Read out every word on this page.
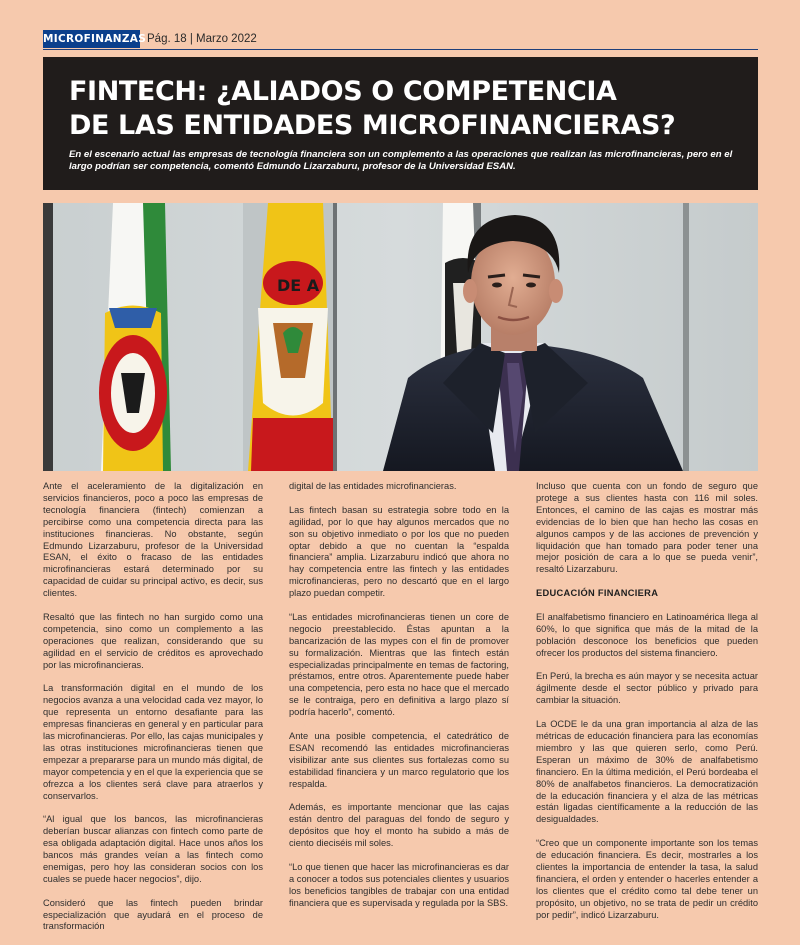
MICROFINANZAS Pág. 18 | Marzo 2022
FINTECH: ¿ALIADOS O COMPETENCIA
DE LAS ENTIDADES MICROFINANCIERAS?
En el escenario actual las empresas de tecnología financiera son un complemento a las operaciones que realizan las microfinancieras, pero en el largo podrían ser competencia, comentó Edmundo Lizarzaburu, profesor de la Universidad ESAN.
DE A

Ante el aceleramiento de la digitalización en servicios financieros, poco a poco las empresas de tecnología financiera (fintech) comienzan a percibirse como una competencia directa para las instituciones financieras. No obstante, según Edmundo Lizarzaburu, profesor de la Universidad ESAN, el éxito o fracaso de las entidades microfinancieras estará determinado por su capacidad de cuidar su principal activo, es decir, sus clientes.

Resaltó que las fintech no han surgido como una competencia, sino como un complemento a las operaciones que realizan, considerando que su agilidad en el servicio de créditos es aprovechado por las microfinancieras.

La transformación digital en el mundo de los negocios avanza a una velocidad cada vez mayor, lo que representa un entorno desafiante para las empresas financieras en general y en particular para las microfinancieras. Por ello, las cajas municipales y las otras instituciones microfinancieras tienen que empezar a prepararse para un mundo más digital, de mayor competencia y en el que la experiencia que se ofrezca a los clientes será clave para atraerlos y conservarlos.

“Al igual que los bancos, las microfinancieras deberían buscar alianzas con fintech como parte de esa obligada adaptación digital. Hace unos años los bancos más grandes veían a las fintech como enemigas, pero hoy las consideran socios con los cuales se puede hacer negocios”, dijo.

Consideró que las fintech pueden brindar especialización que ayudará en el proceso de transformación

digital de las entidades microfinancieras.

Las fintech basan su estrategia sobre todo en la agilidad, por lo que hay algunos mercados que no son su objetivo inmediato o por los que no pueden optar debido a que no cuentan la “espalda financiera” amplia. Lizarzaburu indicó que ahora no hay competencia entre las fintech y las entidades microfinancieras, pero no descartó que en el largo plazo puedan competir.

“Las entidades microfinancieras tienen un core de negocio preestablecido. Éstas apuntan a la bancarización de las mypes con el fin de promover su formalización. Mientras que las fintech están especializadas principalmente en temas de factoring, préstamos, entre otros. Aparentemente puede haber una competencia, pero esta no hace que el mercado se le contraiga, pero en definitiva a largo plazo sí podría hacerlo”, comentó.

Ante una posible competencia, el catedrático de ESAN recomendó las entidades microfinancieras visibilizar ante sus clientes sus fortalezas como su estabilidad financiera y un marco regulatorio que los respalda.

Además, es importante mencionar que las cajas están dentro del paraguas del fondo de seguro y depósitos que hoy el monto ha subido a más de ciento dieciséis mil soles.

“Lo que tienen que hacer las microfinancieras es dar a conocer a todos sus potenciales clientes y usuarios los beneficios tangibles de trabajar con una entidad financiera que es supervisada y regulada por la SBS.

Incluso que cuenta con un fondo de seguro que protege a sus clientes hasta con 116 mil soles. Entonces, el camino de las cajas es mostrar más evidencias de lo bien que han hecho las cosas en algunos campos y de las acciones de prevención y liquidación que han tomado para poder tener una mejor posición de cara a lo que se pueda venir”, resaltó Lizarzaburu.

EDUCACIÓN FINANCIERA

El analfabetismo financiero en Latinoamérica llega al 60%, lo que significa que más de la mitad de la población desconoce los beneficios que pueden ofrecer los productos del sistema financiero.

En Perú, la brecha es aún mayor y se necesita actuar ágilmente desde el sector público y privado para cambiar la situación.

La OCDE le da una gran importancia al alza de las métricas de educación financiera para las economías miembro y las que quieren serlo, como Perú. Esperan un máximo de 30% de analfabetismo financiero. En la última medición, el Perú bordeaba el 80% de analfabetos financieros. La democratización de la educación financiera y el alza de las métricas están ligadas científicamente a la reducción de las desigualdades.

“Creo que un componente importante son los temas de educación financiera. Es decir, mostrarles a los clientes la importancia de entender la tasa, la salud financiera, el orden y entender o hacerles entender a los clientes que el crédito como tal debe tener un propósito, un objetivo, no se trata de pedir un crédito por pedir”, indicó Lizarzaburu.
